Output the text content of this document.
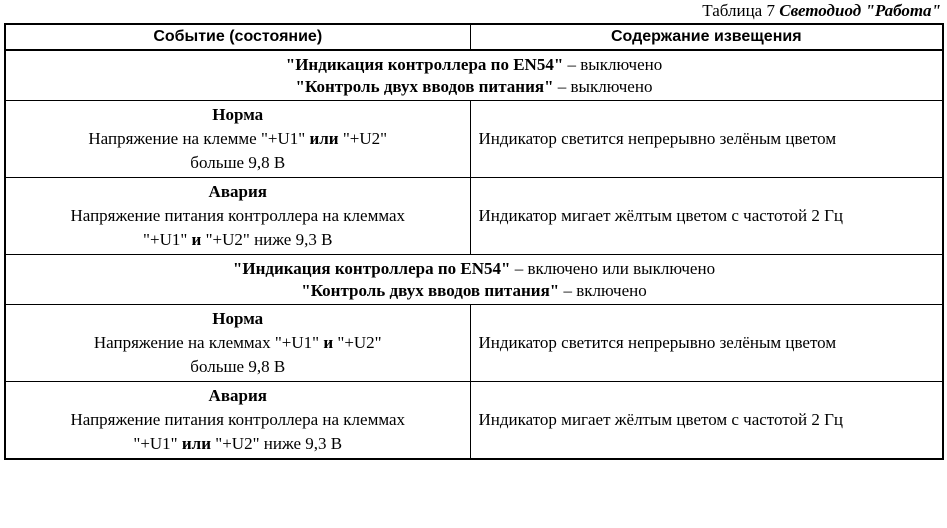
Таблица 7 Светодиод "Работа"
Событие (состояние)	Содержание извещения
"Индикация контроллера по EN54" – выключено
"Контроль двух вводов питания" – выключено	

Норма
Напряжение на клемме "+U1" или "+U2"
больше 9,8 В	Индикатор светится непрерывно зелёным цветом

Авария
Напряжение питания контроллера на клеммах
"+U1" и "+U2" ниже 9,3 В	Индикатор мигает жёлтым цветом с частотой 2 Гц
"Индикация контроллера по EN54" – включено или выключено
"Контроль двух вводов питания" – включено	

Норма
Напряжение на клеммах "+U1" и "+U2"
больше 9,8 В	Индикатор светится непрерывно зелёным цветом

Авария
Напряжение питания контроллера на клеммах
"+U1" или "+U2" ниже 9,3 В	Индикатор мигает жёлтым цветом с частотой 2 Гц
